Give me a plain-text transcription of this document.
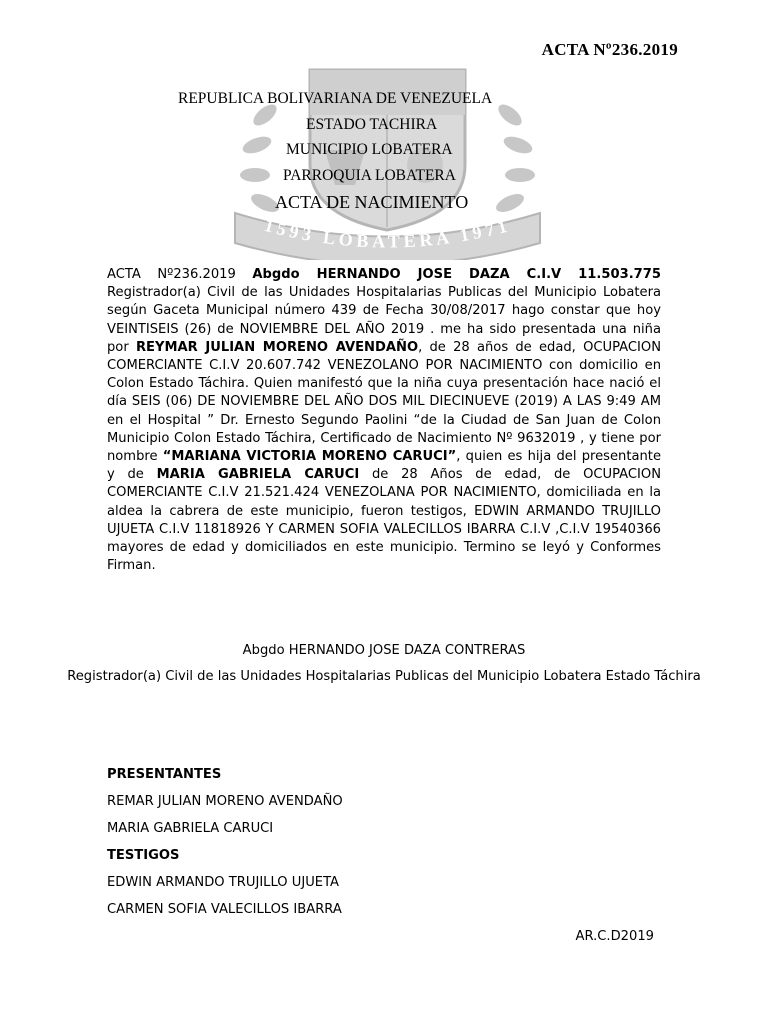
ACTA Nº236.2019
1593 LOBATERA 1971
REPUBLICA BOLIVARIANA DE VENEZUELA
ESTADO TACHIRA
MUNICIPIO LOBATERA
PARROQUIA LOBATERA
ACTA DE NACIMIENTO
ACTA Nº236.2019 Abgdo HERNANDO JOSE DAZA C.I.V 11.503.775 Registrador(a) Civil de las Unidades Hospitalarias Publicas del Municipio Lobatera según Gaceta Municipal número 439 de Fecha 30/08/2017 hago constar que hoy VEINTISEIS (26) de NOVIEMBRE DEL AÑO 2019 . me ha sido presentada una niña por REYMAR JULIAN MORENO AVENDAÑO, de 28 años de edad, OCUPACION COMERCIANTE C.I.V 20.607.742 VENEZOLANO POR NACIMIENTO con domicilio en Colon Estado Táchira. Quien manifestó que la niña cuya presentación hace nació el día SEIS (06) DE NOVIEMBRE DEL AÑO DOS MIL DIECINUEVE (2019) A LAS 9:49 AM en el Hospital ” Dr. Ernesto Segundo Paolini “de la Ciudad de San Juan de Colon Municipio Colon Estado Táchira, Certificado de Nacimiento Nº 9632019 , y tiene por nombre “MARIANA VICTORIA MORENO CARUCI”, quien es hija del presentante y de MARIA GABRIELA CARUCI de 28 Años de edad, de OCUPACION COMERCIANTE C.I.V 21.521.424 VENEZOLANA POR NACIMIENTO, domiciliada en la aldea la cabrera de este municipio, fueron testigos, EDWIN ARMANDO TRUJILLO UJUETA C.I.V 11818926 Y CARMEN SOFIA VALECILLOS IBARRA C.I.V ,C.I.V 19540366 mayores de edad y domiciliados en este municipio. Termino se leyó y Conformes Firman.
Abgdo HERNANDO JOSE DAZA CONTRERAS
Registrador(a) Civil de las Unidades Hospitalarias Publicas del Municipio Lobatera Estado Táchira
PRESENTANTES
REMAR JULIAN MORENO AVENDAÑO
MARIA GABRIELA CARUCI
TESTIGOS
EDWIN ARMANDO TRUJILLO UJUETA
CARMEN SOFIA VALECILLOS IBARRA
AR.C.D2019
